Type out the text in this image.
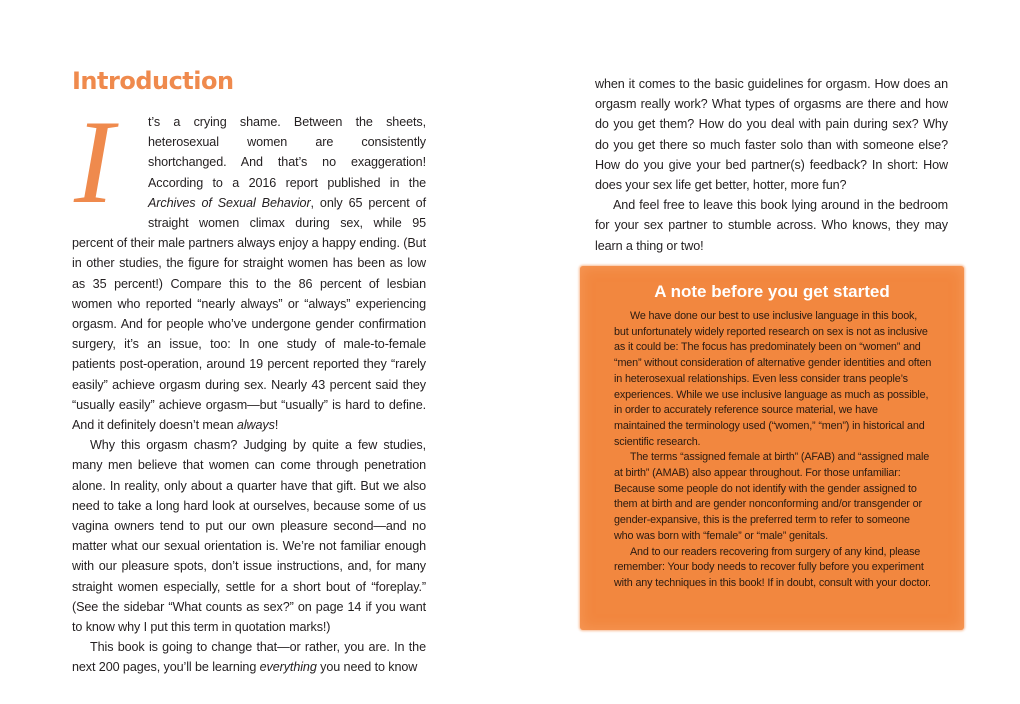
Introduction

I	t’s a crying shame. Between the sheets, heterosexual women are consistently shortchanged. And that’s no exaggeration! According to a 2016 report published in the Archives of Sexual Behavior, only 65 percent of straight women climax during sex, while 95 percent of their male partners always enjoy a happy ending. (But in other studies, the figure for straight women has been as low as 35 percent!) Compare this to the 86 percent of lesbian women who reported “nearly always” or “always” experiencing orgasm. And for people who’ve undergone gender confirmation surgery, it’s an issue, too: In one study of male-to-female patients post-operation, around 19 percent reported they “rarely easily” achieve orgasm during sex. Nearly 43 percent said they “usually easily” achieve orgasm—but “usually” is hard to define. And it definitely doesn’t mean always!

Why this orgasm chasm? Judging by quite a few studies, many men believe that women can come through penetration alone. In reality, only about a quarter have that gift. But we also need to take a long hard look at ourselves, because some of us vagina owners tend to put our own pleasure second—and no matter what our sexual orientation is. We’re not familiar enough with our pleasure spots, don’t issue instructions, and, for many straight women especially, settle for a short bout of “foreplay.” (See the sidebar “What counts as sex?” on page 14 if you want to know why I put this term in quotation marks!)

This book is going to change that—or rather, you are. In the next 200 pages, you’ll be learning everything you need to know

when it comes to the basic guidelines for orgasm. How does an orgasm really work? What types of orgasms are there and how do you get them? How do you deal with pain during sex? Why do you get there so much faster solo than with someone else? How do you give your bed partner(s) feedback? In short: How does your sex life get better, hotter, more fun?

And feel free to leave this book lying around in the bedroom for your sex partner to stumble across. Who knows, they may learn a thing or two!

A note before you get started

We have done our best to use inclusive language in this book, but unfortunately widely reported research on sex is not as inclusive as it could be: The focus has predominately been on “women” and “men” without consideration of alternative gender identities and often in heterosexual relationships. Even less consider trans people’s experiences. While we use inclusive language as much as possible, in order to accurately reference source material, we have maintained the terminology used (“women,” “men”) in historical and scientific research.

The terms “assigned female at birth” (AFAB) and “assigned male at birth” (AMAB) also appear throughout. For those unfamiliar: Because some people do not identify with the gender assigned to them at birth and are gender nonconforming and/or transgender or gender-expansive, this is the preferred term to refer to someone who was born with “female” or “male” genitals.

And to our readers recovering from surgery of any kind, please remember: Your body needs to recover fully before you experiment with any techniques in this book! If in doubt, consult with your doctor.
